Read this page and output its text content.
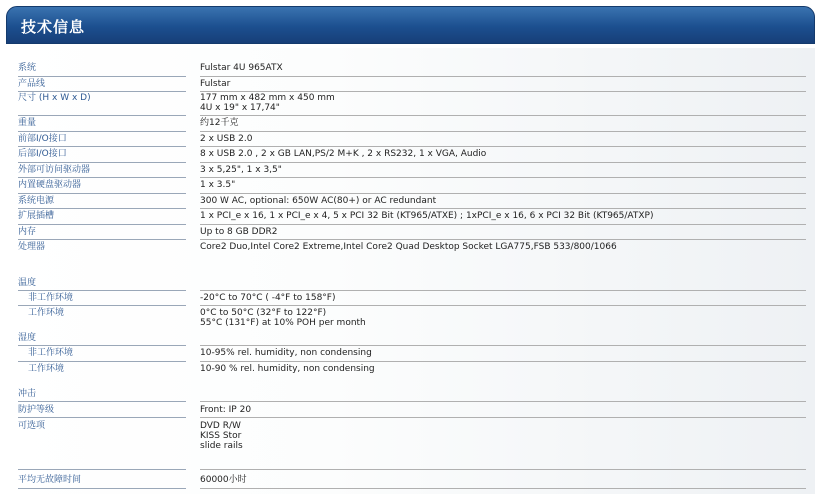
技术信息
系统	Fulstar 4U 965ATX
产品线	Fulstar
尺寸 (H x W x D)	177 mm x 482 mm x 450 mm
4U x 19" x 17,74"
重量	约12千克
前部I/O接口	2 x USB 2.0
后部I/O接口	8 x USB 2.0 , 2 x GB LAN,PS/2 M+K , 2 x RS232, 1 x VGA, Audio
外部可访问驱动器	3 x 5,25", 1 x 3,5"
内置硬盘驱动器	1 x 3.5"
系统电源	300 W AC, optional: 650W AC(80+) or AC redundant
扩展插槽	1 x PCI_e x 16, 1 x PCI_e x 4, 5 x PCI 32 Bit (KT965/ATXE) ; 1xPCI_e x 16, 6 x PCI 32 Bit (KT965/ATXP)
内存	Up to 8 GB DDR2
处理器	Core2 Duo,Intel Core2 Extreme,Intel Core2 Quad Desktop Socket LGA775,FSB 533/800/1066
温度
非工作环境	-20°C to 70°C ( -4°F to 158°F)
工作环境	0°C to 50°C (32°F to 122°F)
55°C (131°F) at 10% POH per month
湿度
非工作环境	10-95% rel. humidity, non condensing
工作环境	10-90 % rel. humidity, non condensing
冲击
防护等级	Front: IP 20
可选项	DVD R/W
KISS Stor
slide rails
平均无故障时间	60000小时
